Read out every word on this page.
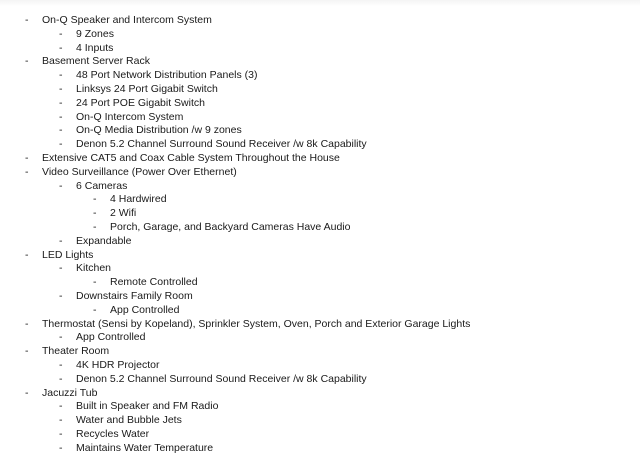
- On-Q Speaker and Intercom System
- 9 Zones
- 4 Inputs
- Basement Server Rack
- 48 Port Network Distribution Panels (3)
- Linksys 24 Port Gigabit Switch
- 24 Port POE Gigabit Switch
- On-Q Intercom System
- On-Q Media Distribution /w 9 zones
- Denon 5.2 Channel Surround Sound Receiver /w 8k Capability
- Extensive CAT5 and Coax Cable System Throughout the House
- Video Surveillance (Power Over Ethernet)
- 6 Cameras
- 4 Hardwired
- 2 Wifi
- Porch, Garage, and Backyard Cameras Have Audio
- Expandable
- LED Lights
- Kitchen
- Remote Controlled
- Downstairs Family Room
- App Controlled
- Thermostat (Sensi by Kopeland), Sprinkler System, Oven, Porch and Exterior Garage Lights
- App Controlled
- Theater Room
- 4K HDR Projector
- Denon 5.2 Channel Surround Sound Receiver /w 8k Capability
- Jacuzzi Tub
- Built in Speaker and FM Radio
- Water and Bubble Jets
- Recycles Water
- Maintains Water Temperature
